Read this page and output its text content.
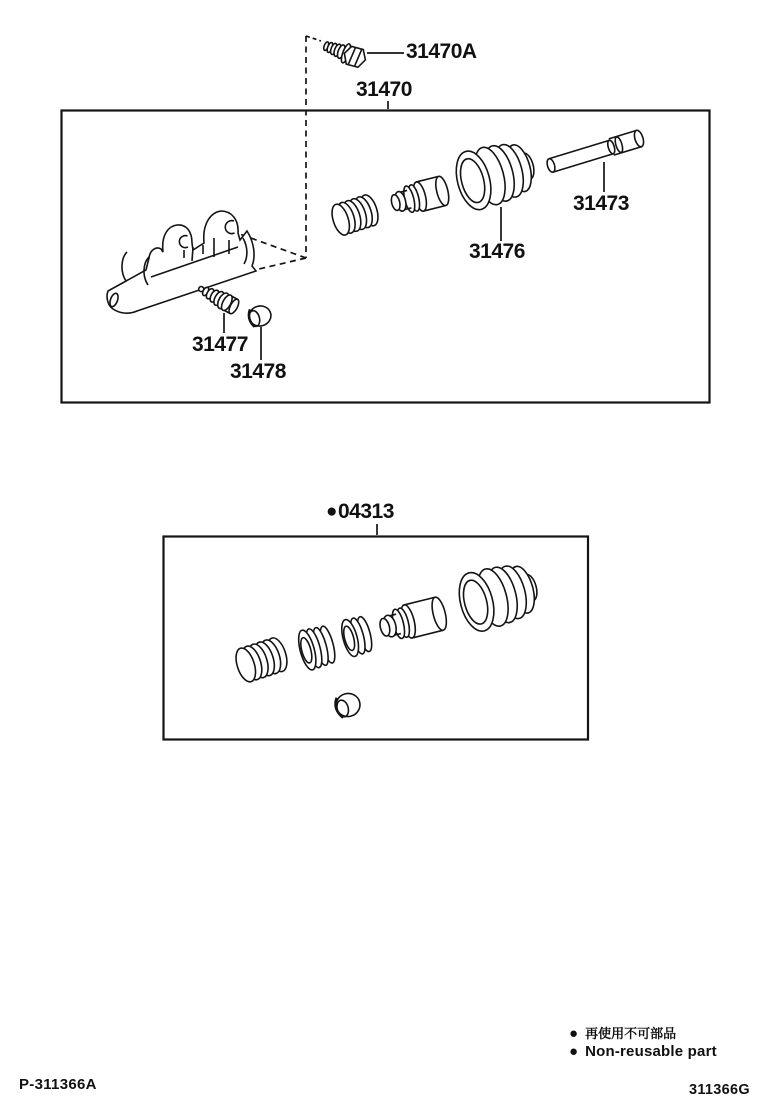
31470A
31470
31473
31476
31477
31478
● 04313
● 再使用不可部品
● Non-reusable part
P-311366A	311366G
